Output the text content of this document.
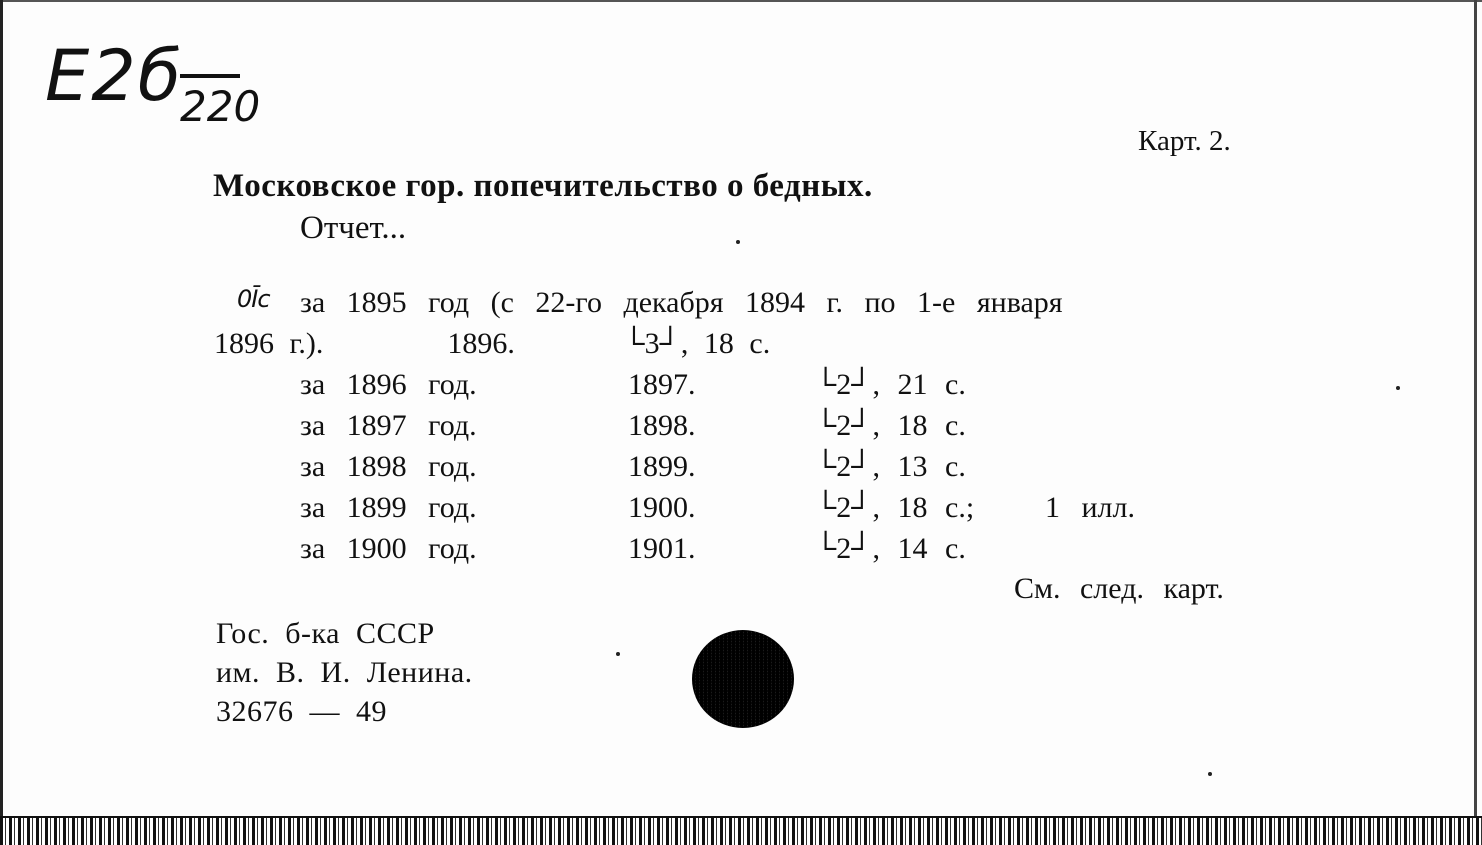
E2б
220
Карт. 2.
Московское гор. попечительство о бедных.
Отчет...
0Īc за 1895 год (с 22-го декабря 1894 г. по 1-е января
1896 г.).        1896.       └3┘, 18 с.
за 1896 год.	1897.	└2┘, 21 с.
за 1897 год.	1898.	└2┘, 18 с.
за 1898 год.	1899.	└2┘, 13 с.
за 1899 год.	1900.	└2┘, 18 с.; 1 илл.
за 1900 год.	1901.	└2┘, 14 с.
См. след. карт.
Гос. б-ка СССР
им. В. И. Ленина.
32676 — 49
